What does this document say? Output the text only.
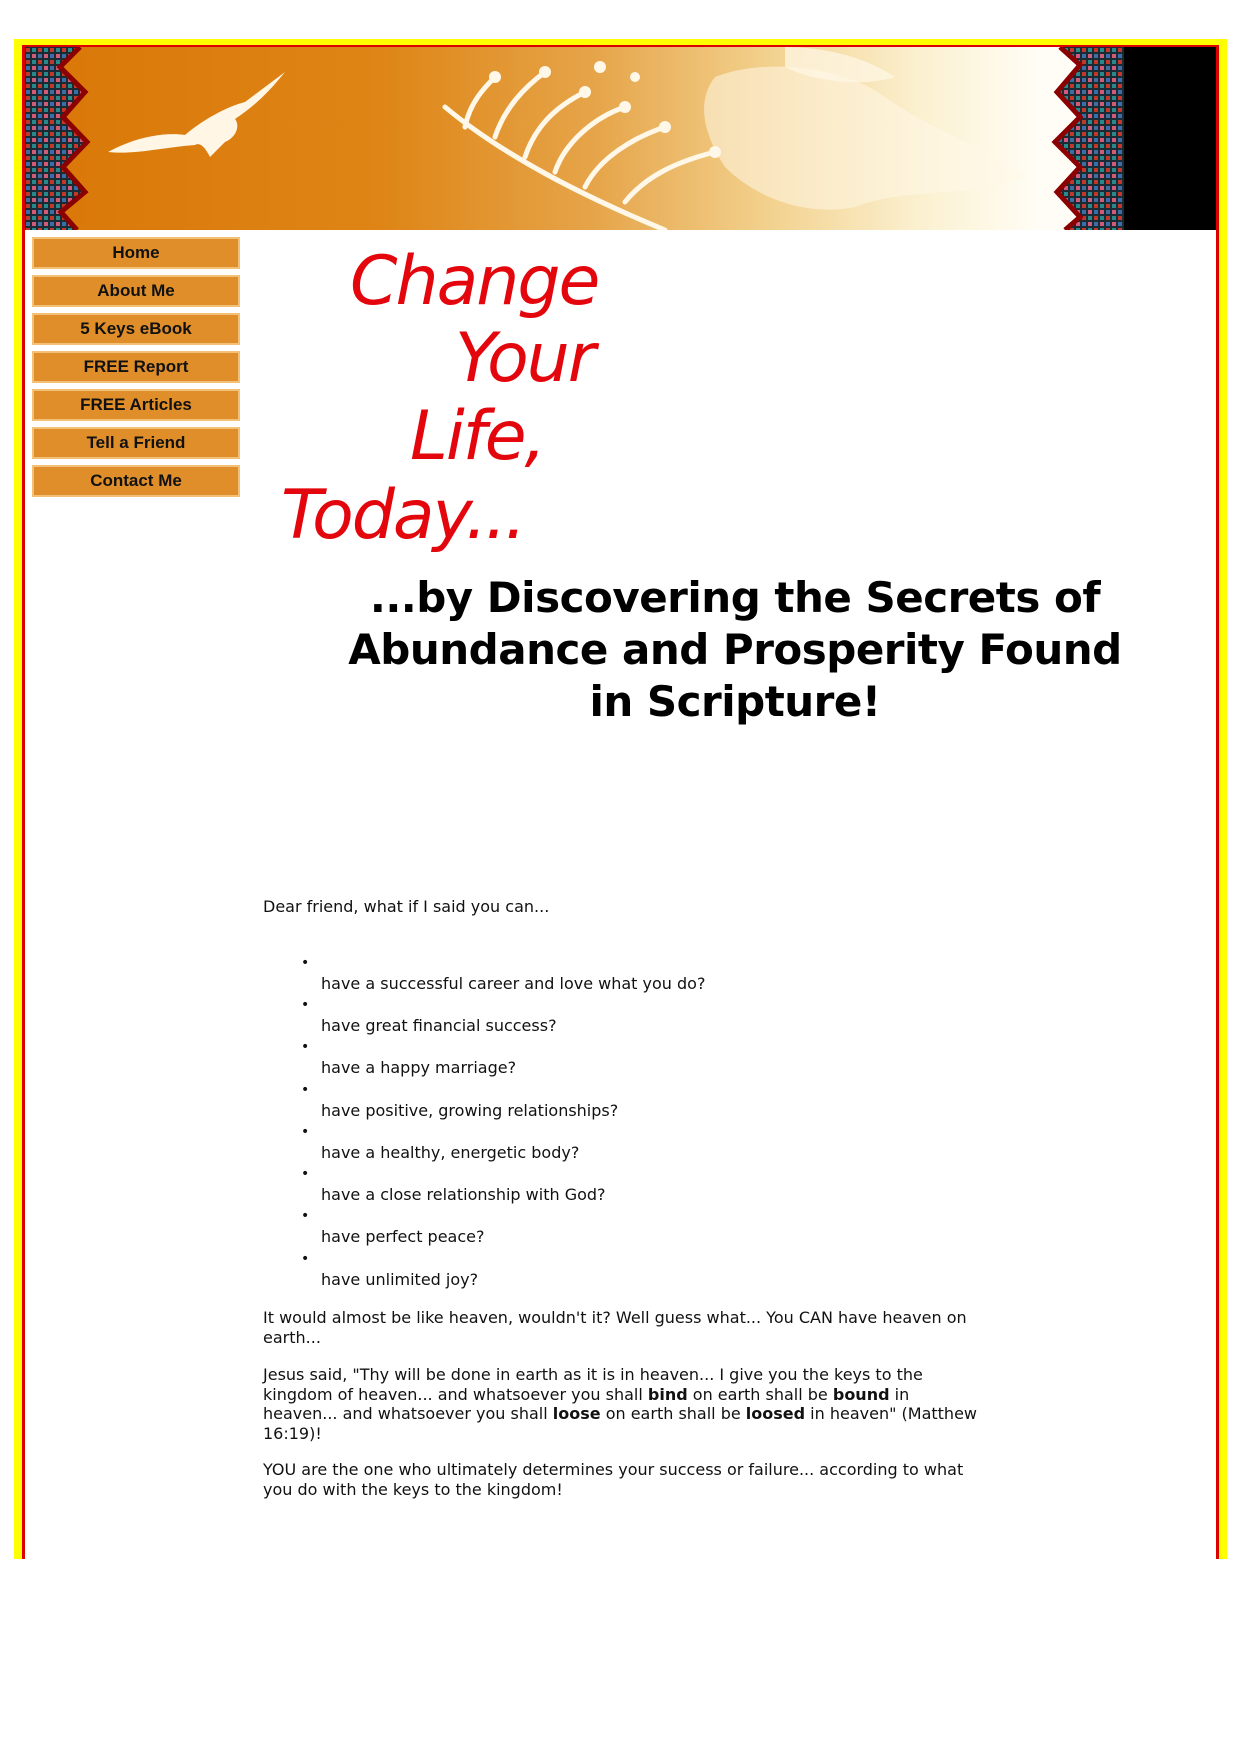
Home
About Me
5 Keys eBook
FREE Report
FREE Articles
Tell a Friend
Contact Me
Change
Your
Life,
Today...
...by Discovering the Secrets of Abundance and Prosperity Found in Scripture!
Dear friend, what if I said you can...
•
have a successful career and love what you do?
•
have great financial success?
•
have a happy marriage?
•
have positive, growing relationships?
•
have a healthy, energetic body?
•
have a close relationship with God?
•
have perfect peace?
•
have unlimited joy?
It would almost be like heaven, wouldn't it? Well guess what... You CAN have heaven on earth...
Jesus said, "Thy will be done in earth as it is in heaven... I give you the keys to the kingdom of heaven... and whatsoever you shall bind on earth shall be bound in heaven... and whatsoever you shall loose on earth shall be loosed in heaven" (Matthew 16:19)!
YOU are the one who ultimately determines your success or failure... according to what you do with the keys to the kingdom!
